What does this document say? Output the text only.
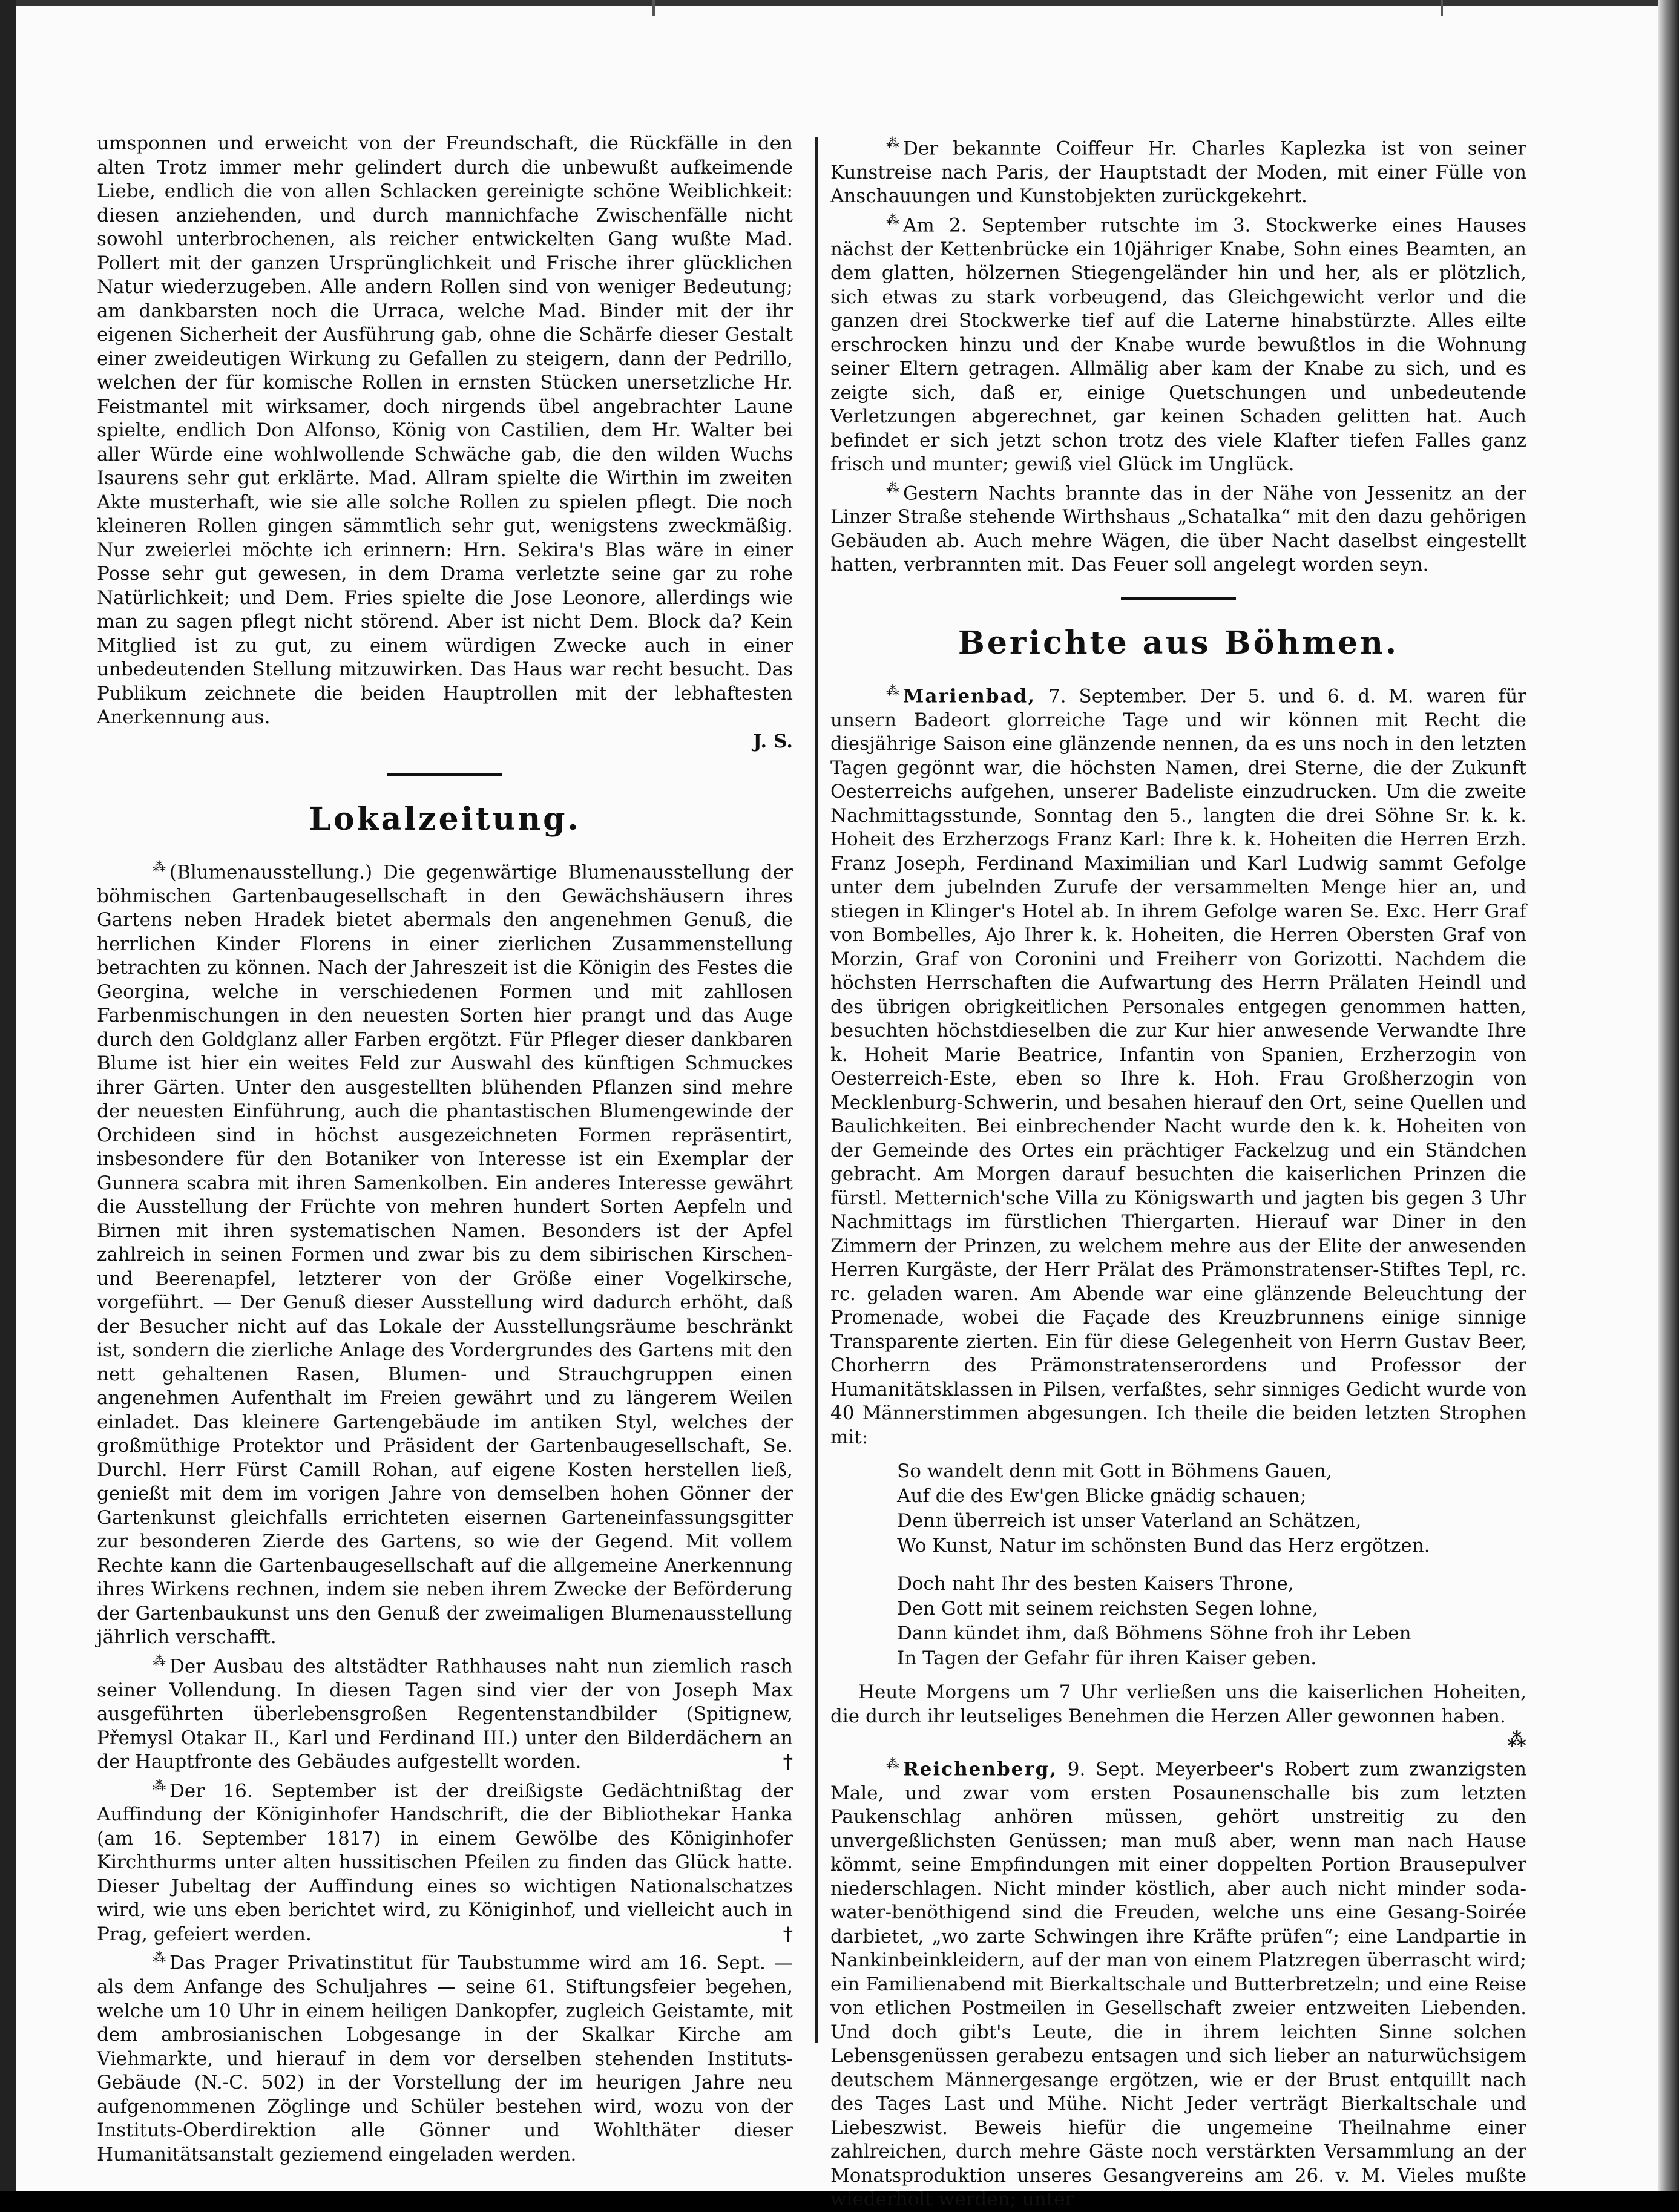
umsponnen und erweicht von der Freundschaft, die Rückfälle in den alten Trotz immer mehr gelindert durch die unbewußt aufkeimende Liebe, endlich die von allen Schlacken gereinigte schöne Weiblichkeit: diesen anziehenden, und durch mannichfache Zwischenfälle nicht sowohl unterbrochenen, als reicher entwickelten Gang wußte Mad. Pollert mit der ganzen Ursprünglichkeit und Frische ihrer glücklichen Natur wiederzugeben. Alle andern Rollen sind von weniger Bedeutung; am dankbarsten noch die Urraca, welche Mad. Binder mit der ihr eigenen Sicherheit der Ausführung gab, ohne die Schärfe dieser Gestalt einer zweideutigen Wirkung zu Gefallen zu steigern, dann der Pedrillo, welchen der für komische Rollen in ernsten Stücken unersetzliche Hr. Feistmantel mit wirksamer, doch nirgends übel angebrachter Laune spielte, endlich Don Alfonso, König von Castilien, dem Hr. Walter bei aller Würde eine wohlwollende Schwäche gab, die den wilden Wuchs Isaurens sehr gut erklärte. Mad. Allram spielte die Wirthin im zweiten Akte musterhaft, wie sie alle solche Rollen zu spielen pflegt. Die noch kleineren Rollen gingen sämmtlich sehr gut, wenigstens zweckmäßig. Nur zweierlei möchte ich erinnern: Hrn. Sekira's Blas wäre in einer Posse sehr gut gewesen, in dem Drama verletzte seine gar zu rohe Natürlichkeit; und Dem. Fries spielte die Jose Leonore, allerdings wie man zu sagen pflegt nicht störend. Aber ist nicht Dem. Block da? Kein Mitglied ist zu gut, zu einem würdigen Zwecke auch in einer unbedeutenden Stellung mitzuwirken. Das Haus war recht besucht. Das Publikum zeichnete die beiden Hauptrollen mit der lebhaftesten Anerkennung aus.

J. S.

Lokalzeitung.

⁂ (Blumenausstellung.) Die gegenwärtige Blumenausstellung der böhmischen Gartenbaugesellschaft in den Gewächshäusern ihres Gartens neben Hradek bietet abermals den angenehmen Genuß, die herrlichen Kinder Florens in einer zierlichen Zusammenstellung betrachten zu können. Nach der Jahreszeit ist die Königin des Festes die Georgina, welche in verschiedenen Formen und mit zahllosen Farbenmischungen in den neuesten Sorten hier prangt und das Auge durch den Goldglanz aller Farben ergötzt. Für Pfleger dieser dankbaren Blume ist hier ein weites Feld zur Auswahl des künftigen Schmuckes ihrer Gärten. Unter den ausgestellten blühenden Pflanzen sind mehre der neuesten Einführung, auch die phantastischen Blumengewinde der Orchideen sind in höchst ausgezeichneten Formen repräsentirt, insbesondere für den Botaniker von Interesse ist ein Exemplar der Gunnera scabra mit ihren Samenkolben. Ein anderes Interesse gewährt die Ausstellung der Früchte von mehren hundert Sorten Aepfeln und Birnen mit ihren systematischen Namen. Besonders ist der Apfel zahlreich in seinen Formen und zwar bis zu dem sibirischen Kirschen- und Beerenapfel, letzterer von der Größe einer Vogelkirsche, vorgeführt. — Der Genuß dieser Ausstellung wird dadurch erhöht, daß der Besucher nicht auf das Lokale der Ausstellungsräume beschränkt ist, sondern die zierliche Anlage des Vordergrundes des Gartens mit den nett gehaltenen Rasen, Blumen- und Strauchgruppen einen angenehmen Aufenthalt im Freien gewährt und zu längerem Weilen einladet. Das kleinere Gartengebäude im antiken Styl, welches der großmüthige Protektor und Präsident der Gartenbaugesellschaft, Se. Durchl. Herr Fürst Camill Rohan, auf eigene Kosten herstellen ließ, genießt mit dem im vorigen Jahre von demselben hohen Gönner der Gartenkunst gleichfalls errichteten eisernen Garteneinfassungsgitter zur besonderen Zierde des Gartens, so wie der Gegend. Mit vollem Rechte kann die Gartenbaugesellschaft auf die allgemeine Anerkennung ihres Wirkens rechnen, indem sie neben ihrem Zwecke der Beförderung der Gartenbaukunst uns den Genuß der zweimaligen Blumenausstellung jährlich verschafft.

⁂ Der Ausbau des altstädter Rathhauses naht nun ziemlich rasch seiner Vollendung. In diesen Tagen sind vier der von Joseph Max ausgeführten überlebensgroßen Regentenstandbilder (Spitignew, Přemysl Otakar II., Karl und Ferdinand III.) unter den Bilderdächern an der Hauptfronte des Gebäudes aufgestellt worden.	†

⁂ Der 16. September ist der dreißigste Gedächtnißtag der Auffindung der Königinhofer Handschrift, die der Bibliothekar Hanka (am 16. September 1817) in einem Gewölbe des Königinhofer Kirchthurms unter alten hussitischen Pfeilen zu finden das Glück hatte. Dieser Jubeltag der Auffindung eines so wichtigen Nationalschatzes wird, wie uns eben berichtet wird, zu Königinhof, und vielleicht auch in Prag, gefeiert werden.	†

⁂ Das Prager Privatinstitut für Taubstumme wird am 16. Sept. — als dem Anfange des Schuljahres — seine 61. Stiftungsfeier begehen, welche um 10 Uhr in einem heiligen Dankopfer, zugleich Geistamte, mit dem ambrosianischen Lobgesange in der Skalkar Kirche am Viehmarkte, und hierauf in dem vor derselben stehenden Instituts-Gebäude (N.-C. 502) in der Vorstellung der im heurigen Jahre neu aufgenommenen Zöglinge und Schüler bestehen wird, wozu von der Instituts-Oberdirektion alle Gönner und Wohlthäter dieser Humanitätsanstalt geziemend eingeladen werden.

⁂ Der bekannte Coiffeur Hr. Charles Kaplezka ist von seiner Kunstreise nach Paris, der Hauptstadt der Moden, mit einer Fülle von Anschauungen und Kunstobjekten zurückgekehrt.

⁂ Am 2. September rutschte im 3. Stockwerke eines Hauses nächst der Kettenbrücke ein 10jähriger Knabe, Sohn eines Beamten, an dem glatten, hölzernen Stiegengeländer hin und her, als er plötzlich, sich etwas zu stark vorbeugend, das Gleichgewicht verlor und die ganzen drei Stockwerke tief auf die Laterne hinabstürzte. Alles eilte erschrocken hinzu und der Knabe wurde bewußtlos in die Wohnung seiner Eltern getragen. Allmälig aber kam der Knabe zu sich, und es zeigte sich, daß er, einige Quetschungen und unbedeutende Verletzungen abgerechnet, gar keinen Schaden gelitten hat. Auch befindet er sich jetzt schon trotz des viele Klafter tiefen Falles ganz frisch und munter; gewiß viel Glück im Unglück.

⁂ Gestern Nachts brannte das in der Nähe von Jessenitz an der Linzer Straße stehende Wirthshaus „Schatalka“ mit den dazu gehörigen Gebäuden ab. Auch mehre Wägen, die über Nacht daselbst eingestellt hatten, verbrannten mit. Das Feuer soll angelegt worden seyn.

Berichte aus Böhmen.

⁂ Marienbad, 7. September. Der 5. und 6. d. M. waren für unsern Badeort glorreiche Tage und wir können mit Recht die diesjährige Saison eine glänzende nennen, da es uns noch in den letzten Tagen gegönnt war, die höchsten Namen, drei Sterne, die der Zukunft Oesterreichs aufgehen, unserer Badeliste einzudrucken. Um die zweite Nachmittagsstunde, Sonntag den 5., langten die drei Söhne Sr. k. k. Hoheit des Erzherzogs Franz Karl: Ihre k. k. Hoheiten die Herren Erzh. Franz Joseph, Ferdinand Maximilian und Karl Ludwig sammt Gefolge unter dem jubelnden Zurufe der versammelten Menge hier an, und stiegen in Klinger's Hotel ab. In ihrem Gefolge waren Se. Exc. Herr Graf von Bombelles, Ajo Ihrer k. k. Hoheiten, die Herren Obersten Graf von Morzin, Graf von Coronini und Freiherr von Gorizotti. Nachdem die höchsten Herrschaften die Aufwartung des Herrn Prälaten Heindl und des übrigen obrigkeitlichen Personales entgegen genommen hatten, besuchten höchstdieselben die zur Kur hier anwesende Verwandte Ihre k. Hoheit Marie Beatrice, Infantin von Spanien, Erzherzogin von Oesterreich-Este, eben so Ihre k. Hoh. Frau Großherzogin von Mecklenburg-Schwerin, und besahen hierauf den Ort, seine Quellen und Baulichkeiten. Bei einbrechender Nacht wurde den k. k. Hoheiten von der Gemeinde des Ortes ein prächtiger Fackelzug und ein Ständchen gebracht. Am Morgen darauf besuchten die kaiserlichen Prinzen die fürstl. Metternich'sche Villa zu Königswarth und jagten bis gegen 3 Uhr Nachmittags im fürstlichen Thiergarten. Hierauf war Diner in den Zimmern der Prinzen, zu welchem mehre aus der Elite der anwesenden Herren Kurgäste, der Herr Prälat des Prämonstratenser-Stiftes Tepl, rc. rc. geladen waren. Am Abende war eine glänzende Beleuchtung der Promenade, wobei die Façade des Kreuzbrunnens einige sinnige Transparente zierten. Ein für diese Gelegenheit von Herrn Gustav Beer, Chorherrn des Prämonstratenserordens und Professor der Humanitätsklassen in Pilsen, verfaßtes, sehr sinniges Gedicht wurde von 40 Männerstimmen abgesungen. Ich theile die beiden letzten Strophen mit:

So wandelt denn mit Gott in Böhmens Gauen,

Auf die des Ew'gen Blicke gnädig schauen;

Denn überreich ist unser Vaterland an Schätzen,

Wo Kunst, Natur im schönsten Bund das Herz ergötzen.

Doch naht Ihr des besten Kaisers Throne,

Den Gott mit seinem reichsten Segen lohne,

Dann kündet ihm, daß Böhmens Söhne froh ihr Leben

In Tagen der Gefahr für ihren Kaiser geben.

Heute Morgens um 7 Uhr verließen uns die kaiserlichen Hoheiten, die durch ihr leutseliges Benehmen die Herzen Aller gewonnen haben.

⁂

⁂ Reichenberg, 9. Sept. Meyerbeer's Robert zum zwanzigsten Male, und zwar vom ersten Posaunenschalle bis zum letzten Paukenschlag anhören müssen, gehört unstreitig zu den unvergeßlichsten Genüssen; man muß aber, wenn man nach Hause kömmt, seine Empfindungen mit einer doppelten Portion Brausepulver niederschlagen. Nicht minder köstlich, aber auch nicht minder soda-water-benöthigend sind die Freuden, welche uns eine Gesang-Soirée darbietet, „wo zarte Schwingen ihre Kräfte prüfen“; eine Landpartie in Nankinbeinkleidern, auf der man von einem Platzregen überrascht wird; ein Familienabend mit Bierkaltschale und Butterbretzeln; und eine Reise von etlichen Postmeilen in Gesellschaft zweier entzweiten Liebenden. Und doch gibt's Leute, die in ihrem leichten Sinne solchen Lebensgenüssen gerabezu entsagen und sich lieber an naturwüchsigem deutschem Männergesange ergötzen, wie er der Brust entquillt nach des Tages Last und Mühe. Nicht Jeder verträgt Bierkaltschale und Liebeszwist. Beweis hiefür die ungemeine Theilnahme einer zahlreichen, durch mehre Gäste noch verstärkten Versammlung an der Monatsproduktion unseres Gesangvereins am 26. v. M. Vieles mußte wiederholt werden; unter
